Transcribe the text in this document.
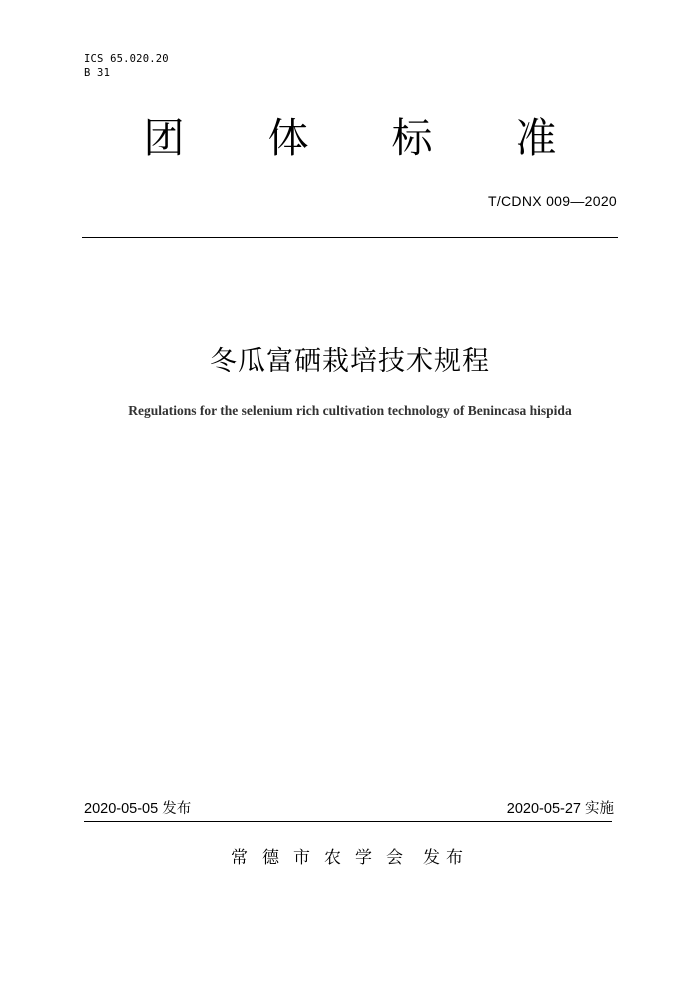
ICS 65.020.20
B 31
团 体 标 准
T/CDNX 009—2020
冬瓜富硒栽培技术规程
Regulations for the selenium rich cultivation technology of Benincasa hispida
2020-05-05 发布	2020-05-27 实施
常德市农学会 发布
